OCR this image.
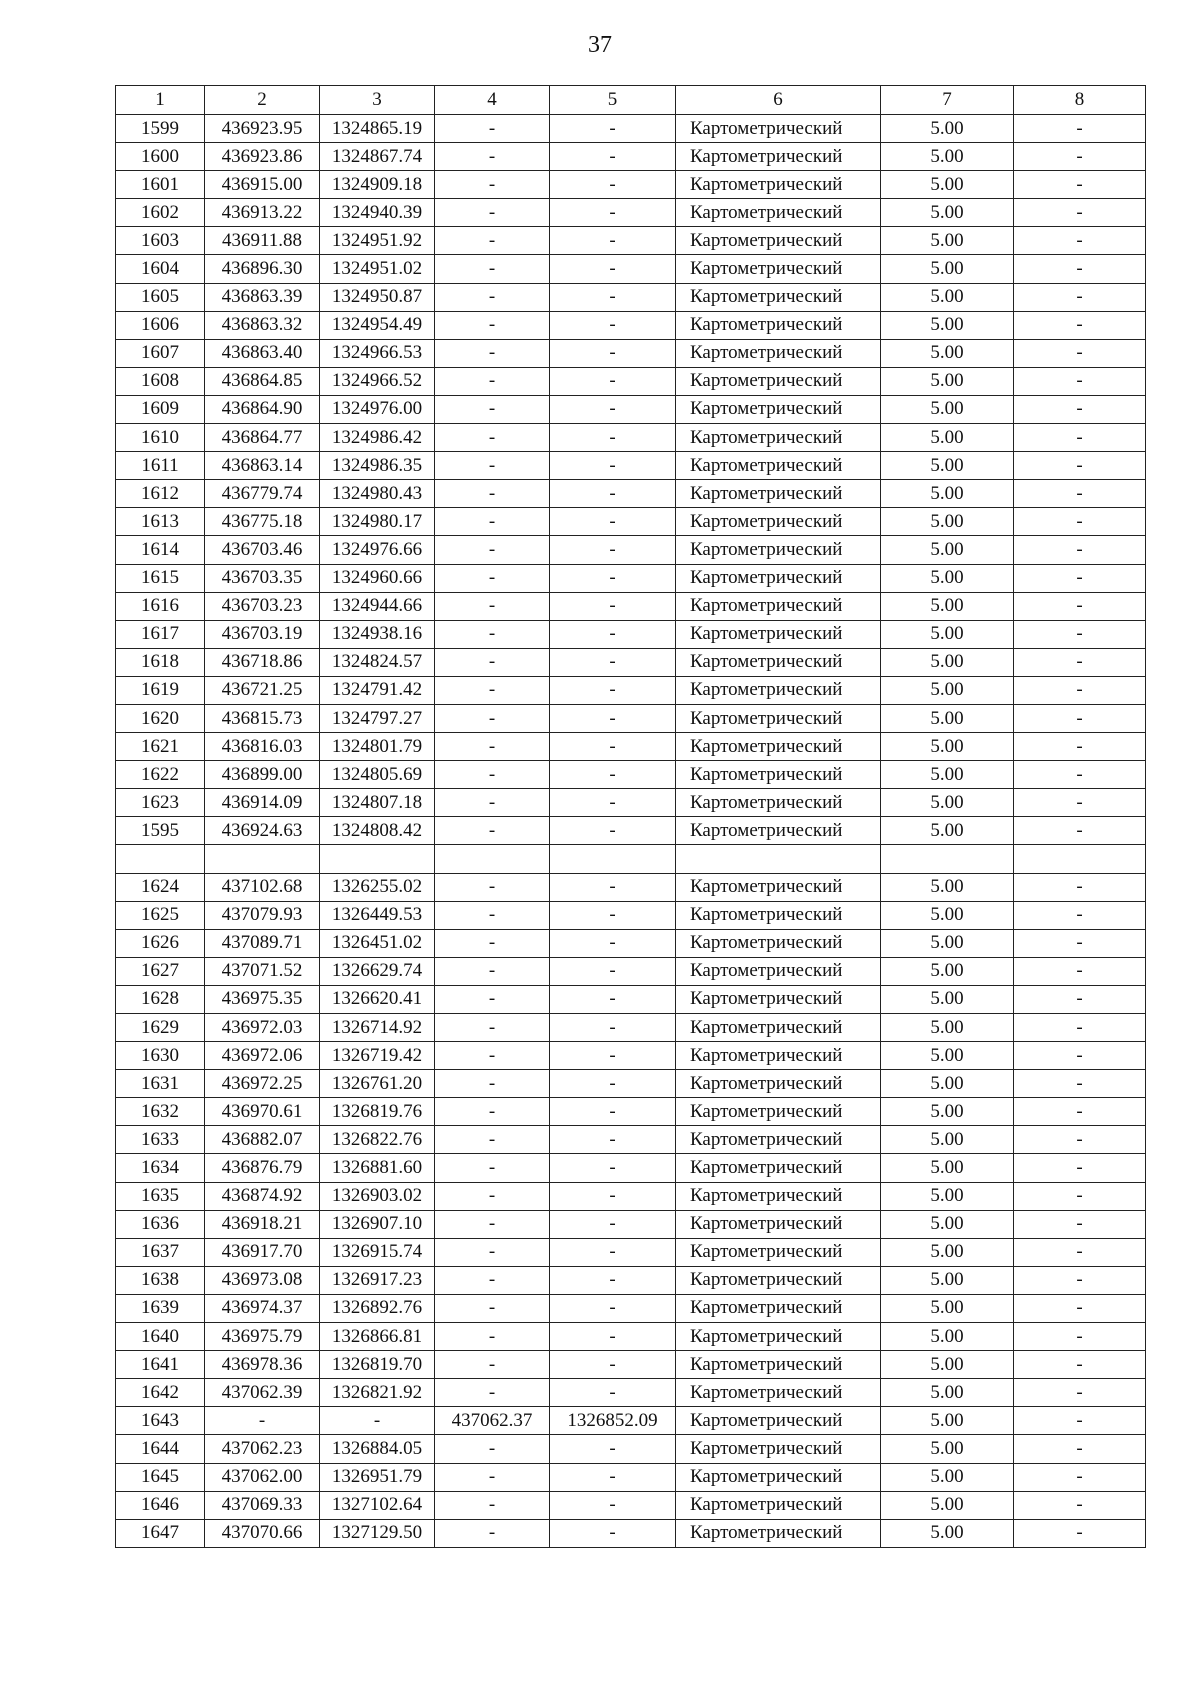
37
1	2	3	4	5	6	7	8
1599	436923.95	1324865.19	-	-	Картометрический	5.00	-
1600	436923.86	1324867.74	-	-	Картометрический	5.00	-
1601	436915.00	1324909.18	-	-	Картометрический	5.00	-
1602	436913.22	1324940.39	-	-	Картометрический	5.00	-
1603	436911.88	1324951.92	-	-	Картометрический	5.00	-
1604	436896.30	1324951.02	-	-	Картометрический	5.00	-
1605	436863.39	1324950.87	-	-	Картометрический	5.00	-
1606	436863.32	1324954.49	-	-	Картометрический	5.00	-
1607	436863.40	1324966.53	-	-	Картометрический	5.00	-
1608	436864.85	1324966.52	-	-	Картометрический	5.00	-
1609	436864.90	1324976.00	-	-	Картометрический	5.00	-
1610	436864.77	1324986.42	-	-	Картометрический	5.00	-
1611	436863.14	1324986.35	-	-	Картометрический	5.00	-
1612	436779.74	1324980.43	-	-	Картометрический	5.00	-
1613	436775.18	1324980.17	-	-	Картометрический	5.00	-
1614	436703.46	1324976.66	-	-	Картометрический	5.00	-
1615	436703.35	1324960.66	-	-	Картометрический	5.00	-
1616	436703.23	1324944.66	-	-	Картометрический	5.00	-
1617	436703.19	1324938.16	-	-	Картометрический	5.00	-
1618	436718.86	1324824.57	-	-	Картометрический	5.00	-
1619	436721.25	1324791.42	-	-	Картометрический	5.00	-
1620	436815.73	1324797.27	-	-	Картометрический	5.00	-
1621	436816.03	1324801.79	-	-	Картометрический	5.00	-
1622	436899.00	1324805.69	-	-	Картометрический	5.00	-
1623	436914.09	1324807.18	-	-	Картометрический	5.00	-
1595	436924.63	1324808.42	-	-	Картометрический	5.00	-

1624	437102.68	1326255.02	-	-	Картометрический	5.00	-
1625	437079.93	1326449.53	-	-	Картометрический	5.00	-
1626	437089.71	1326451.02	-	-	Картометрический	5.00	-
1627	437071.52	1326629.74	-	-	Картометрический	5.00	-
1628	436975.35	1326620.41	-	-	Картометрический	5.00	-
1629	436972.03	1326714.92	-	-	Картометрический	5.00	-
1630	436972.06	1326719.42	-	-	Картометрический	5.00	-
1631	436972.25	1326761.20	-	-	Картометрический	5.00	-
1632	436970.61	1326819.76	-	-	Картометрический	5.00	-
1633	436882.07	1326822.76	-	-	Картометрический	5.00	-
1634	436876.79	1326881.60	-	-	Картометрический	5.00	-
1635	436874.92	1326903.02	-	-	Картометрический	5.00	-
1636	436918.21	1326907.10	-	-	Картометрический	5.00	-
1637	436917.70	1326915.74	-	-	Картометрический	5.00	-
1638	436973.08	1326917.23	-	-	Картометрический	5.00	-
1639	436974.37	1326892.76	-	-	Картометрический	5.00	-
1640	436975.79	1326866.81	-	-	Картометрический	5.00	-
1641	436978.36	1326819.70	-	-	Картометрический	5.00	-
1642	437062.39	1326821.92	-	-	Картометрический	5.00	-
1643	-	-	437062.37	1326852.09	Картометрический	5.00	-
1644	437062.23	1326884.05	-	-	Картометрический	5.00	-
1645	437062.00	1326951.79	-	-	Картометрический	5.00	-
1646	437069.33	1327102.64	-	-	Картометрический	5.00	-
1647	437070.66	1327129.50	-	-	Картометрический	5.00	-
